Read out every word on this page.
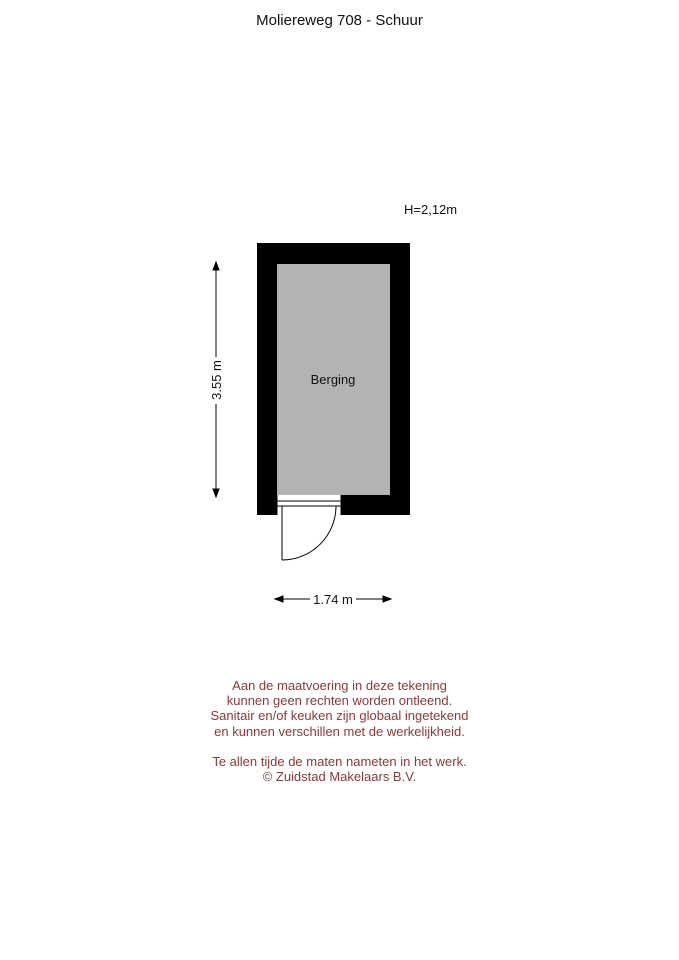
Moliereweg 708 - Schuur
H=2,12m
3.55 m
1.74 m
Berging

Aan de maatvoering in deze tekening

kunnen geen rechten worden ontleend.

Sanitair en/of keuken zijn globaal ingetekend

en kunnen verschillen met de werkelijkheid.

Te allen tijde de maten nameten in het werk.

© Zuidstad Makelaars B.V.
